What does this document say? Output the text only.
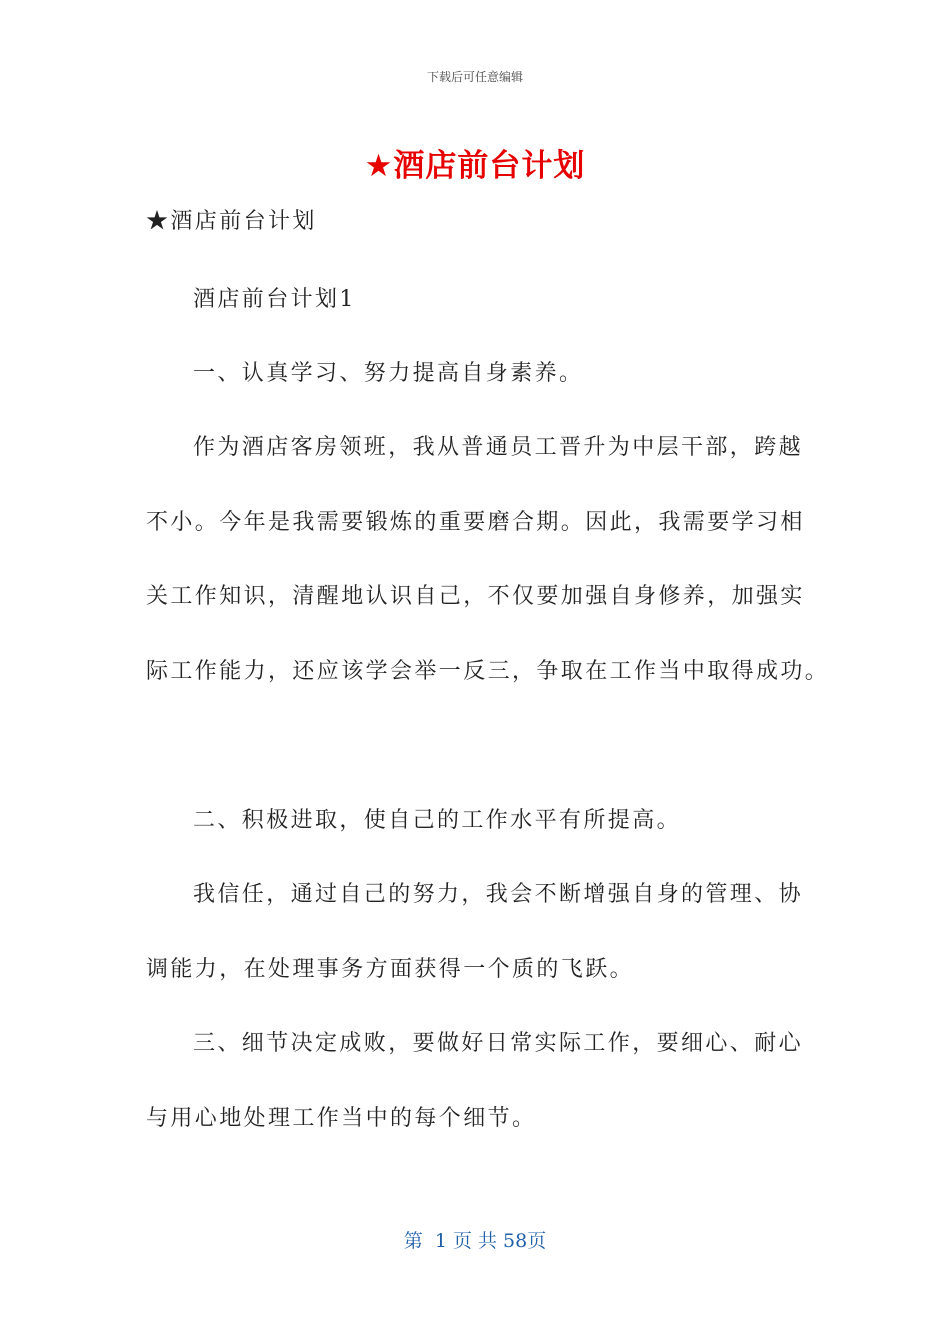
下载后可任意编辑
★酒店前台计划
★酒店前台计划
酒店前台计划1
一、认真学习、努力提高自身素养。
作为酒店客房领班，我从普通员工晋升为中层干部，跨越
不小。今年是我需要锻炼的重要磨合期。因此，我需要学习相
关工作知识，清醒地认识自己，不仅要加强自身修养，加强实
际工作能力，还应该学会举一反三，争取在工作当中取得成功。
二、积极进取，使自己的工作水平有所提高。
我信任，通过自己的努力，我会不断增强自身的管理、协
调能力，在处理事务方面获得一个质的飞跃。
三、细节决定成败，要做好日常实际工作，要细心、耐心
与用心地处理工作当中的每个细节。
第  1 页 共 58页
